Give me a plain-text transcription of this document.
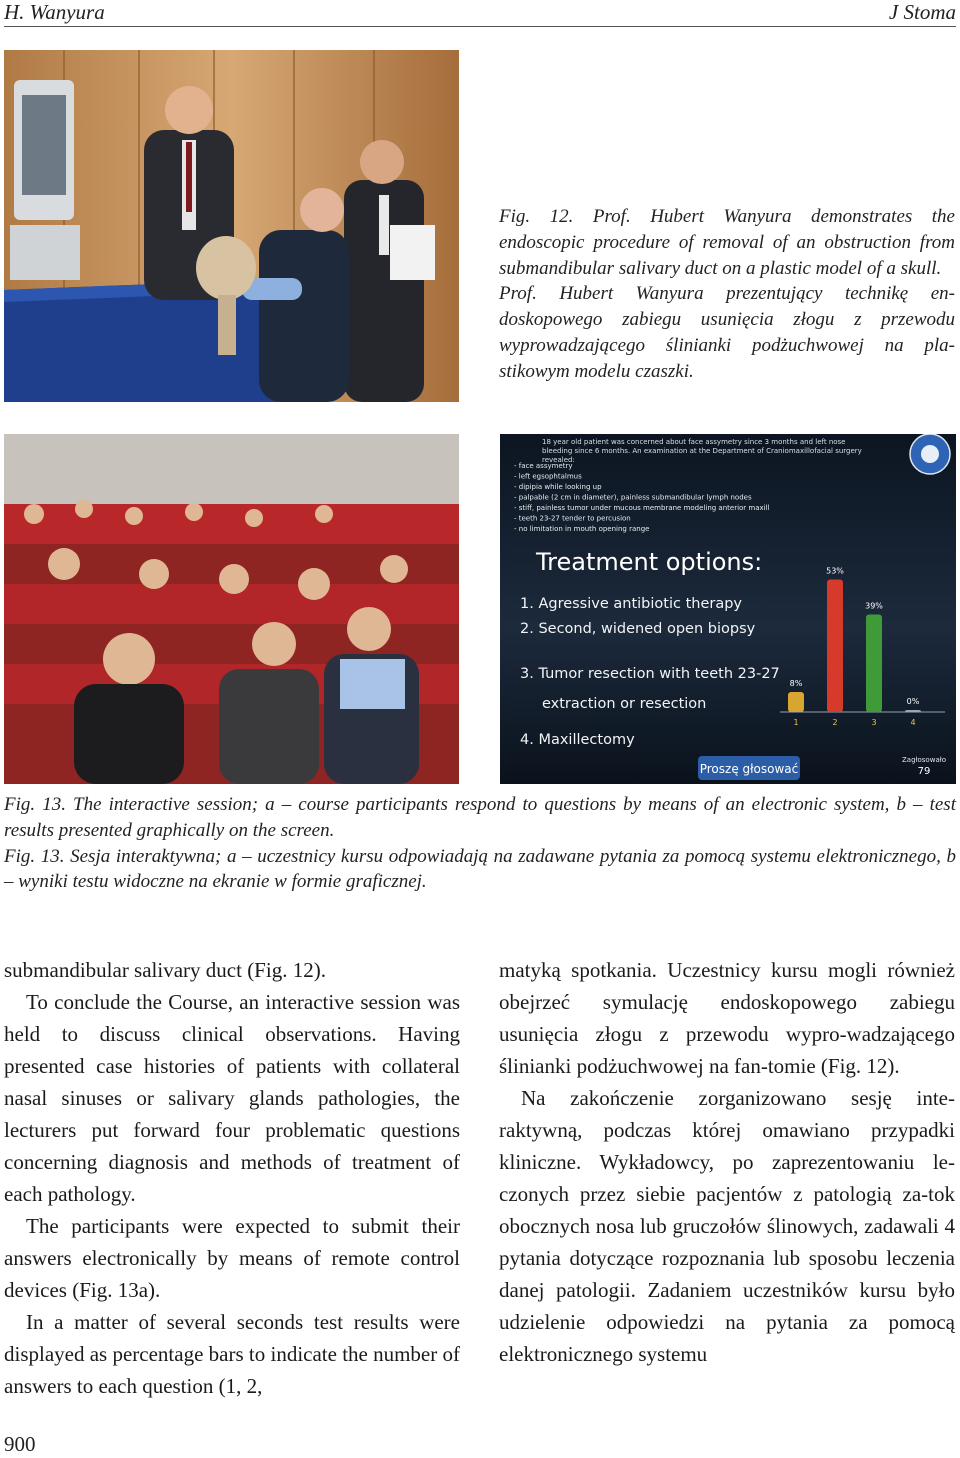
H. Wanyura	J Stoma

Fig. 12. Prof. Hubert Wanyura demonstrates the endoscopic procedure of removal of an obstruction from submandibular salivary duct on a plastic model of a skull.

Prof. Hubert Wanyura prezentujący technikę en-doskopowego zabiegu usunięcia złogu z przewodu wyprowadzającego ślinianki podżuchwowej na pla-stikowym modelu czaszki.

18 year old patient was concerned about face assymetry since 3 months and left nose bleeding since 6 months. An examination at the Department of Craniomaxillofacial surgery revealed:
- face assymetry
- left egsophtalmus
- dipipia while looking up
- palpable (2 cm in diameter), painless submandibular lymph nodes
- stiff, painless tumor under mucous membrane modeling anterior maxill
- teeth 23-27 tender to percusion
- no limitation in mouth opening range
Treatment options:
1. Agressive antibiotic therapy
2. Second, widened open biopsy
3. Tumor resection with teeth 23-27
extraction or resection
4. Maxillectomy
8%
1
53%
2
39%
3
0%
4
Proszę głosować
Zagłosowało
79

Fig. 13. The interactive session; a – course participants respond to questions by means of an electronic system, b – test results presented graphically on the screen.

Fig. 13. Sesja interaktywna; a – uczestnicy kursu odpowiadają na zadawane pytania za pomocą systemu elektronicznego, b – wyniki testu widoczne na ekranie w formie graficznej.

submandibular salivary duct (Fig. 12).

To conclude the Course, an interactive session was held to discuss clinical observations. Having presented case histories of patients with collateral nasal sinuses or salivary glands pathologies, the lecturers put forward four problematic questions concerning diagnosis and methods of treatment of each pathology.

The participants were expected to submit their answers electronically by means of remote control devices (Fig. 13a).

In a matter of several seconds test results were displayed as percentage bars to indicate the number of answers to each question (1, 2,

matyką spotkania. Uczestnicy kursu mogli również obejrzeć symulację endoskopowego zabiegu usunięcia złogu z przewodu wypro-wadzającego ślinianki podżuchwowej na fan-tomie (Fig. 12).

Na zakończenie zorganizowano sesję inte-raktywną, podczas której omawiano przypadki kliniczne. Wykładowcy, po zaprezentowaniu le-czonych przez siebie pacjentów z patologią za-tok obocznych nosa lub gruczołów ślinowych, zadawali 4 pytania dotyczące rozpoznania lub sposobu leczenia danej patologii. Zadaniem uczestników kursu było udzielenie odpowiedzi na pytania za pomocą elektronicznego systemu

900
